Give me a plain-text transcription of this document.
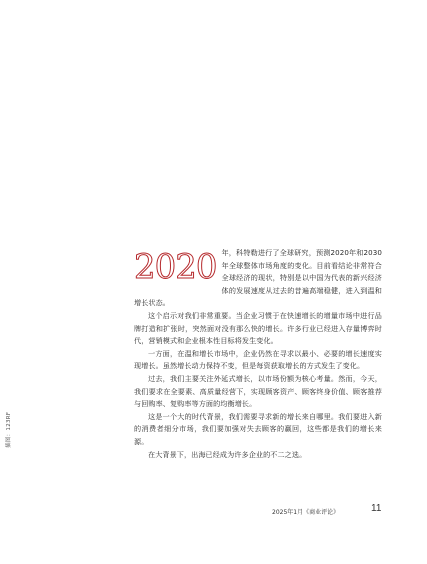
2020 年，科特勒进行了全球研究，预测2020年和2030年全球整体市场角度的变化。目前看结论非常符合全球经济的现状，特别是以中国为代表的新兴经济体的发展速度从过去的昔遍高端稳健，进入到温和增长状态。

这个启示对我们非常重要。当企业习惯于在快速增长的增量市场中进行品牌打造和扩张时，突然面对没有那么快的增长。许多行业已经进入存量博弈时代，营销模式和企业根本性目标将发生变化。

一方面，在温和增长市场中，企业仍然在寻求以最小、必要的增长速度实现增长。虽然增长动力保持不变，但是每资获取增长的方式发生了变化。

过去，我们主要关注外延式增长，以市场份额为核心考量。然而，今天，我们要求在全要素、高质量经营下，实现顾客资产、顾客终身价值、顾客推荐与回购率、复购率等方面的均衡增长。

这是一个大的时代背景，我们需要寻求新的增长来自哪里。我们要进入新的消费者细分市场，我们要加强对失去顾客的赢回，这些都是我们的增长来源。

在大背景下，出海已经成为许多企业的不二之选。

插图：123RF
2025年1月《商业评论》	11
